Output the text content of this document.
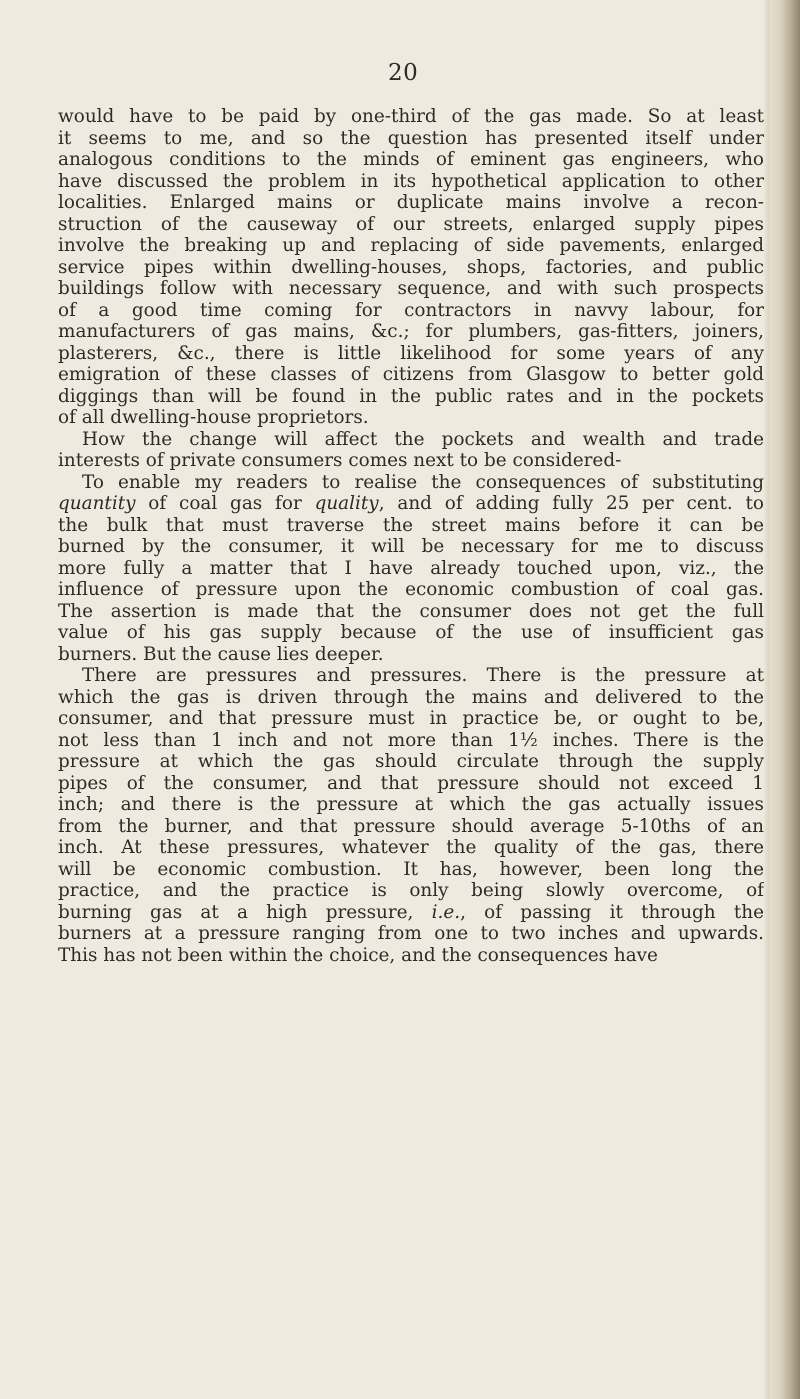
20

would have to be paid by one-third of the gas made. So at least
it seems to me, and so the question has presented itself under
analogous conditions to the minds of eminent gas engineers, who
have discussed the problem in its hypothetical application to other
localities. Enlarged mains or duplicate mains involve a recon-
struction of the causeway of our streets, enlarged supply pipes
involve the breaking up and replacing of side pavements, enlarged
service pipes within dwelling-houses, shops, factories, and public
buildings follow with necessary sequence, and with such prospects
of a good time coming for contractors in navvy labour, for
manufacturers of gas mains, &c.; for plumbers, gas-fitters, joiners,
plasterers, &c., there is little likelihood for some years of any
emigration of these classes of citizens from Glasgow to better gold
diggings than will be found in the public rates and in the pockets
of all dwelling-house proprietors.

How the change will affect the pockets and wealth and trade
interests of private consumers comes next to be considered-

To enable my readers to realise the consequences of substituting
quantity of coal gas for quality, and of adding fully 25 per cent. to
the bulk that must traverse the street mains before it can be
burned by the consumer, it will be necessary for me to discuss
more fully a matter that I have already touched upon, viz., the
influence of pressure upon the economic combustion of coal gas.
The assertion is made that the consumer does not get the full
value of his gas supply because of the use of insufficient gas
burners. But the cause lies deeper.

There are pressures and pressures. There is the pressure at
which the gas is driven through the mains and delivered to the
consumer, and that pressure must in practice be, or ought to be,
not less than 1 inch and not more than 1½ inches. There is the
pressure at which the gas should circulate through the supply
pipes of the consumer, and that pressure should not exceed 1
inch; and there is the pressure at which the gas actually issues
from the burner, and that pressure should average 5-10ths of an
inch. At these pressures, whatever the quality of the gas, there
will be economic combustion. It has, however, been long the
practice, and the practice is only being slowly overcome, of
burning gas at a high pressure, i.e., of passing it through the
burners at a pressure ranging from one to two inches and upwards.
This has not been within the choice, and the consequences have
